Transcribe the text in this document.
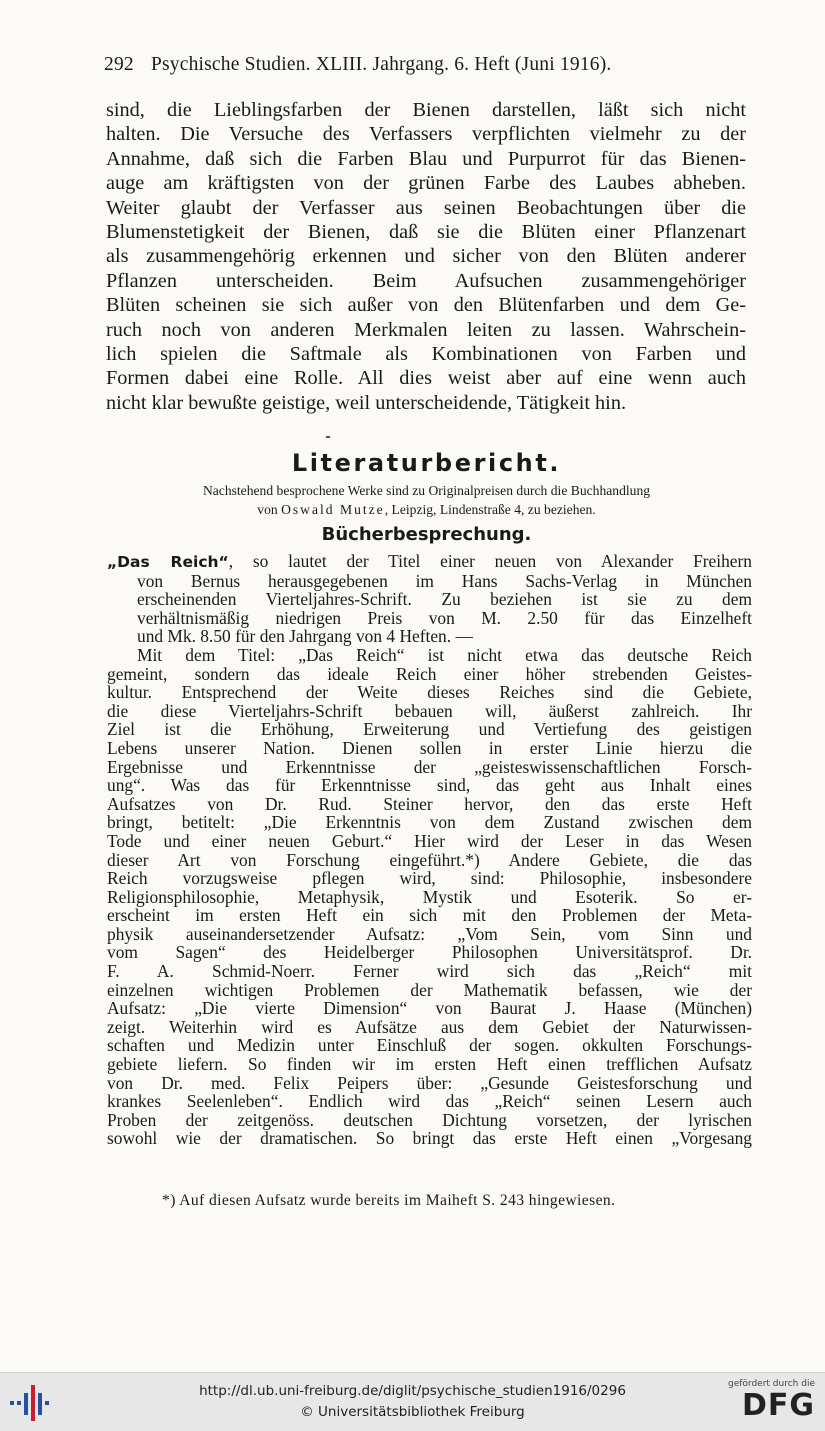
292 Psychische Studien. XLIII. Jahrgang. 6. Heft (Juni 1916).
sind, die Lieblingsfarben der Bienen darstellen, läßt sich nicht
halten. Die Versuche des Verfassers verpflichten vielmehr zu der
Annahme, daß sich die Farben Blau und Purpurrot für das Bienen-
auge am kräftigsten von der grünen Farbe des Laubes abheben.
Weiter glaubt der Verfasser aus seinen Beobachtungen über die
Blumenstetigkeit der Bienen, daß sie die Blüten einer Pflanzenart
als zusammengehörig erkennen und sicher von den Blüten anderer
Pflanzen unterscheiden. Beim Aufsuchen zusammengehöriger
Blüten scheinen sie sich außer von den Blütenfarben und dem Ge-
ruch noch von anderen Merkmalen leiten zu lassen. Wahrschein-
lich spielen die Saftmale als Kombinationen von Farben und
Formen dabei eine Rolle. All dies weist aber auf eine wenn auch
nicht klar bewußte geistige, weil unterscheidende, Tätigkeit hin.
Literaturbericht.
Nachstehend besprochene Werke sind zu Originalpreisen durch die Buchhandlung
von Oswald Mutze, Leipzig, Lindenstraße 4, zu beziehen.
Bücherbesprechung.
„Das Reich“, so lautet der Titel einer neuen von Alexander Freihern
von Bernus herausgegebenen im Hans Sachs-Verlag in München
erscheinenden Vierteljahres-Schrift. Zu beziehen ist sie zu dem
verhältnismäßig niedrigen Preis von M. 2.50 für das Einzelheft
und Mk. 8.50 für den Jahrgang von 4 Heften. —
Mit dem Titel: „Das Reich“ ist nicht etwa das deutsche Reich
gemeint, sondern das ideale Reich einer höher strebenden Geistes-
kultur. Entsprechend der Weite dieses Reiches sind die Gebiete,
die diese Vierteljahrs-Schrift bebauen will, äußerst zahlreich. Ihr
Ziel ist die Erhöhung, Erweiterung und Vertiefung des geistigen
Lebens unserer Nation. Dienen sollen in erster Linie hierzu die
Ergebnisse und Erkenntnisse der „geisteswissenschaftlichen Forsch-
ung“. Was das für Erkenntnisse sind, das geht aus Inhalt eines
Aufsatzes von Dr. Rud. Steiner hervor, den das erste Heft
bringt, betitelt: „Die Erkenntnis von dem Zustand zwischen dem
Tode und einer neuen Geburt.“ Hier wird der Leser in das Wesen
dieser Art von Forschung eingeführt.*) Andere Gebiete, die das
Reich vorzugsweise pflegen wird, sind: Philosophie, insbesondere
Religionsphilosophie, Metaphysik, Mystik und Esoterik. So er-
erscheint im ersten Heft ein sich mit den Problemen der Meta-
physik auseinandersetzender Aufsatz: „Vom Sein, vom Sinn und
vom Sagen“ des Heidelberger Philosophen Universitätsprof. Dr.
F. A. Schmid-Noerr. Ferner wird sich das „Reich“ mit
einzelnen wichtigen Problemen der Mathematik befassen, wie der
Aufsatz: „Die vierte Dimension“ von Baurat J. Haase (München)
zeigt. Weiterhin wird es Aufsätze aus dem Gebiet der Naturwissen-
schaften und Medizin unter Einschluß der sogen. okkulten Forschungs-
gebiete liefern. So finden wir im ersten Heft einen trefflichen Aufsatz
von Dr. med. Felix Peipers über: „Gesunde Geistesforschung und
krankes Seelenleben“. Endlich wird das „Reich“ seinen Lesern auch
Proben der zeitgenöss. deutschen Dichtung vorsetzen, der lyrischen
sowohl wie der dramatischen. So bringt das erste Heft einen „Vorgesang
*) Auf diesen Aufsatz wurde bereits im Maiheft S. 243 hingewiesen.
http://dl.ub.uni-freiburg.de/diglit/psychische_studien1916/0296
© Universitätsbibliothek Freiburg
gefördert durch die
DFG
